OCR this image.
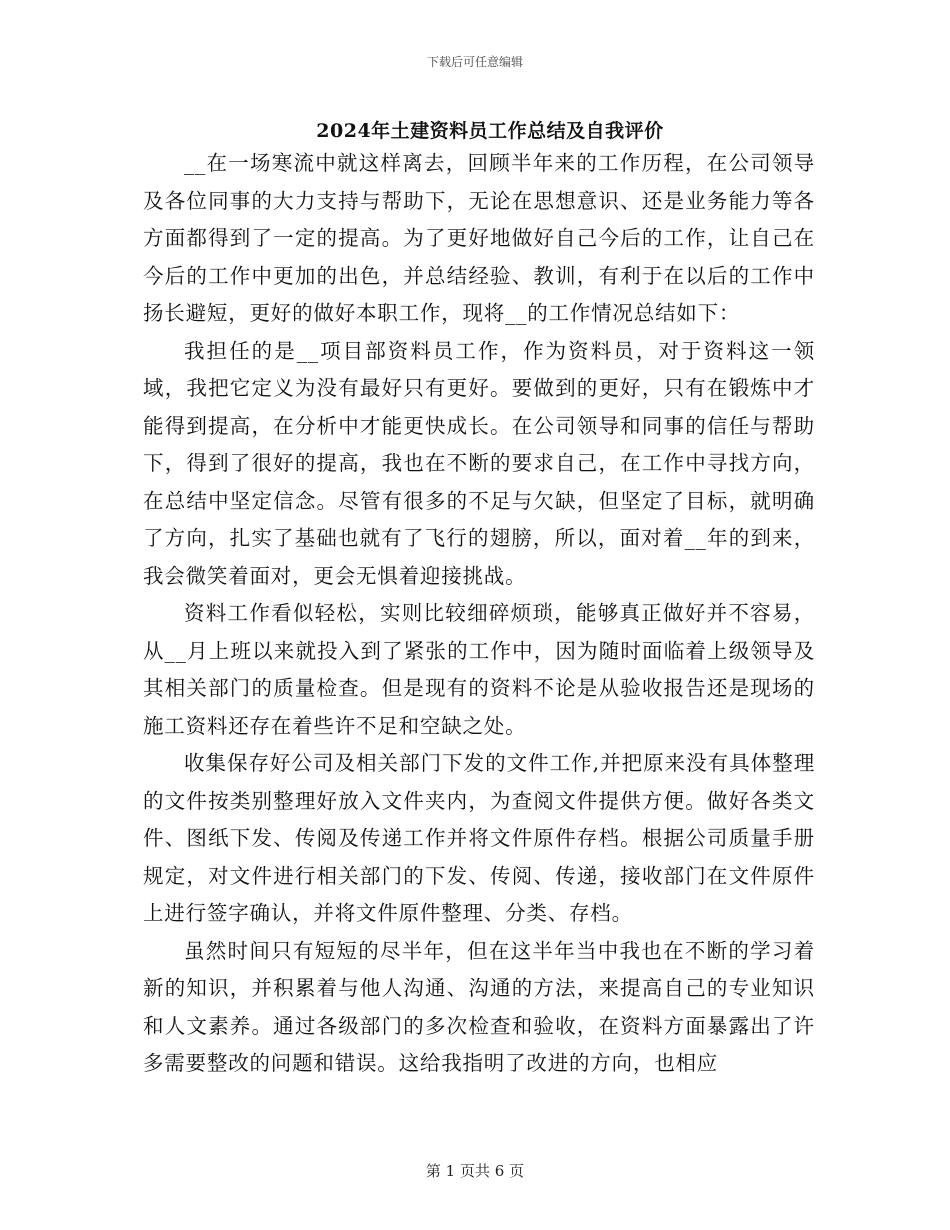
下载后可任意编辑
2024年土建资料员工作总结及自我评价

__在一场寒流中就这样离去，回顾半年来的工作历程，在公司领导及各位同事的大力支持与帮助下，无论在思想意识、还是业务能力等各方面都得到了一定的提高。为了更好地做好自己今后的工作，让自己在今后的工作中更加的出色，并总结经验、教训，有利于在以后的工作中扬长避短，更好的做好本职工作，现将__的工作情况总结如下：

我担任的是__项目部资料员工作，作为资料员，对于资料这一领域，我把它定义为没有最好只有更好。要做到的更好，只有在锻炼中才能得到提高，在分析中才能更快成长。在公司领导和同事的信任与帮助下，得到了很好的提高，我也在不断的要求自己，在工作中寻找方向，在总结中坚定信念。尽管有很多的不足与欠缺，但坚定了目标，就明确了方向，扎实了基础也就有了飞行的翅膀，所以，面对着__年的到来，我会微笑着面对，更会无惧着迎接挑战。

资料工作看似轻松，实则比较细碎烦琐，能够真正做好并不容易，从__月上班以来就投入到了紧张的工作中，因为随时面临着上级领导及其相关部门的质量检查。但是现有的资料不论是从验收报告还是现场的施工资料还存在着些许不足和空缺之处。

收集保存好公司及相关部门下发的文件工作,并把原来没有具体整理的文件按类别整理好放入文件夹内，为查阅文件提供方便。做好各类文件、图纸下发、传阅及传递工作并将文件原件存档。根据公司质量手册规定，对文件进行相关部门的下发、传阅、传递，接收部门在文件原件上进行签字确认，并将文件原件整理、分类、存档。

虽然时间只有短短的尽半年，但在这半年当中我也在不断的学习着新的知识，并积累着与他人沟通、沟通的方法，来提高自己的专业知识和人文素养。通过各级部门的多次检查和验收，在资料方面暴露出了许多需要整改的问题和错误。这给我指明了改进的方向，也相应

第 1 页共 6 页
